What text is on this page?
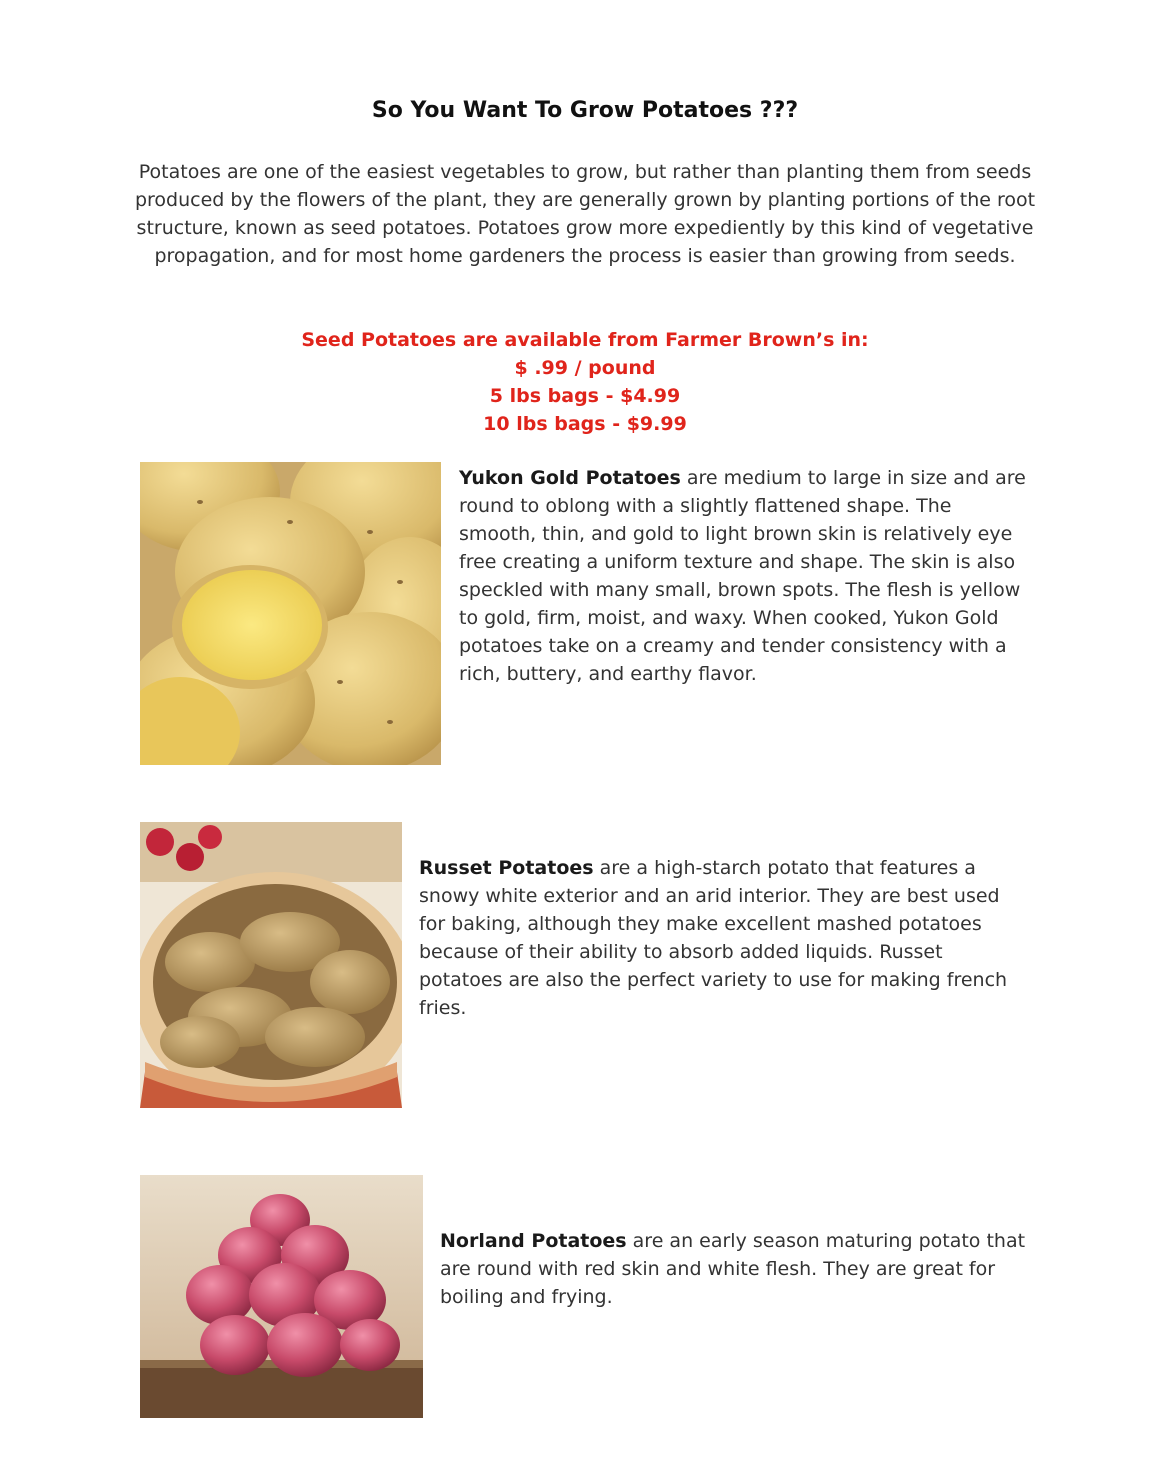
So You Want To Grow Potatoes ???

Potatoes are one of the easiest vegetables to grow, but rather than planting them from seeds produced by the flowers of the plant, they are generally grown by planting portions of the root structure, known as seed potatoes. Potatoes grow more expediently by this kind of vegetative propagation, and for most home gardeners the process is easier than growing from seeds.

Seed Potatoes are available from Farmer Brown’s in:
$ .99 / pound
5 lbs bags - $4.99
10 lbs bags - $9.99

Yukon Gold Potatoes are medium to large in size and are round to oblong with a slightly flattened shape. The smooth, thin, and gold to light brown skin is relatively eye free creating a uniform texture and shape. The skin is also speckled with many small, brown spots. The flesh is yellow to gold, firm, moist, and waxy. When cooked, Yukon Gold potatoes take on a creamy and tender consistency with a rich, buttery, and earthy flavor.

Russet Potatoes are a high-starch potato that features a snowy white exterior and an arid interior. They are best used for baking, although they make excellent mashed potatoes because of their ability to absorb added liquids. Russet potatoes are also the perfect variety to use for making french fries.

Norland Potatoes are an early season maturing potato that are round with red skin and white flesh. They are great for boiling and frying.
